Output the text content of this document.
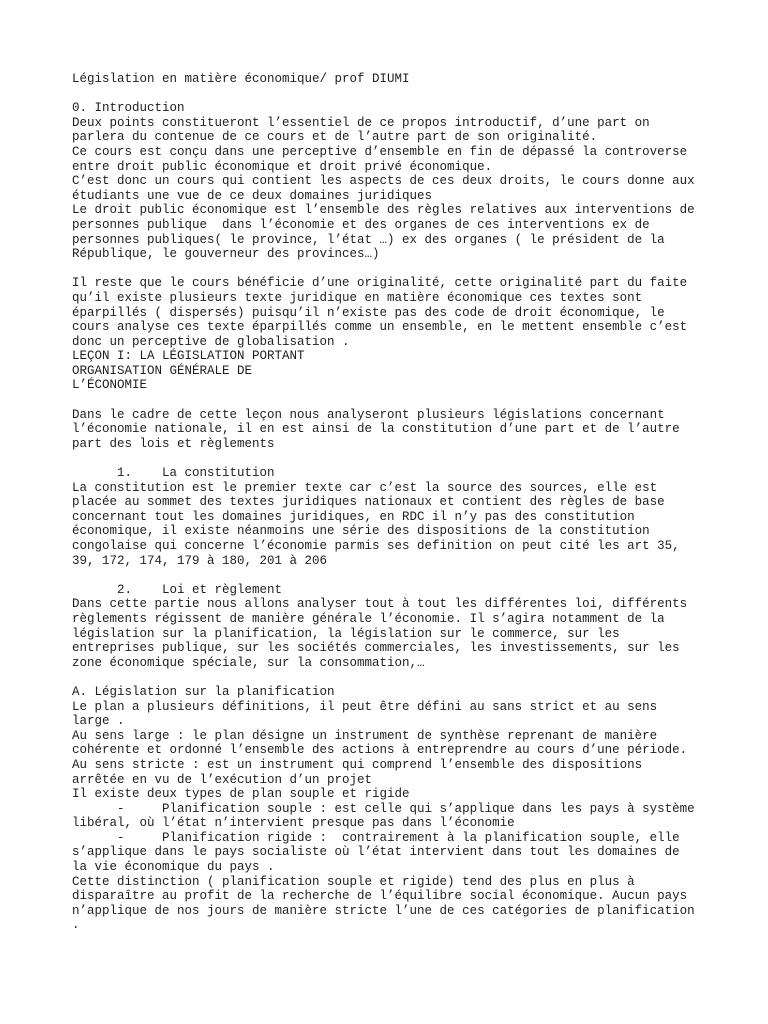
Législation en matière économique/ prof DIUMI
0. Introduction
Deux points constitueront l’essentiel de ce propos introductif, d’une part on
parlera du contenue de ce cours et de l’autre part de son originalité.
Ce cours est conçu dans une perceptive d’ensemble en fin de dépassé la controverse
entre droit public économique et droit privé économique.
C’est donc un cours qui contient les aspects de ces deux droits, le cours donne aux
étudiants une vue de ce deux domaines juridiques
Le droit public économique est l’ensemble des règles relatives aux interventions de
personnes publique  dans l’économie et des organes de ces interventions ex de
personnes publiques( le province, l’état …) ex des organes ( le président de la
République, le gouverneur des provinces…)
Il reste que le cours bénéficie d’une originalité, cette originalité part du faite
qu’il existe plusieurs texte juridique en matière économique ces textes sont
éparpillés ( dispersés) puisqu’il n’existe pas des code de droit économique, le
cours analyse ces texte éparpillés comme un ensemble, en le mettent ensemble c’est
donc un perceptive de globalisation .
LEÇON I: LA LÉGISLATION PORTANT
ORGANISATION GÉNÉRALE DE
L’ÉCONOMIE
Dans le cadre de cette leçon nous analyseront plusieurs législations concernant
l’économie nationale, il en est ainsi de la constitution d’une part et de l’autre
part des lois et règlements
1.    La constitution
La constitution est le premier texte car c’est la source des sources, elle est
placée au sommet des textes juridiques nationaux et contient des règles de base
concernant tout les domaines juridiques, en RDC il n’y pas des constitution
économique, il existe néanmoins une série des dispositions de la constitution
congolaise qui concerne l’économie parmis ses definition on peut cité les art 35,
39, 172, 174, 179 à 180, 201 à 206
2.    Loi et règlement
Dans cette partie nous allons analyser tout à tout les différentes loi, différents
règlements régissent de manière générale l’économie. Il s’agira notamment de la
législation sur la planification, la législation sur le commerce, sur les
entreprises publique, sur les sociétés commerciales, les investissements, sur les
zone économique spéciale, sur la consommation,…
A. Législation sur la planification
Le plan a plusieurs définitions, il peut être défini au sans strict et au sens
large .
Au sens large : le plan désigne un instrument de synthèse reprenant de manière
cohérente et ordonné l’ensemble des actions à entreprendre au cours d’une période.
Au sens stricte : est un instrument qui comprend l’ensemble des dispositions
arrêtée en vu de l’exécution d’un projet
Il existe deux types de plan souple et rigide
-     Planification souple : est celle qui s’applique dans les pays à système
libéral, où l’état n’intervient presque pas dans l’économie
-     Planification rigide :  contrairement à la planification souple, elle
s’applique dans le pays socialiste où l’état intervient dans tout les domaines de
la vie économique du pays .
Cette distinction ( planification souple et rigide) tend des plus en plus à
disparaître au profit de la recherche de l’équilibre social économique. Aucun pays
n’applique de nos jours de manière stricte l’une de ces catégories de planification
.
